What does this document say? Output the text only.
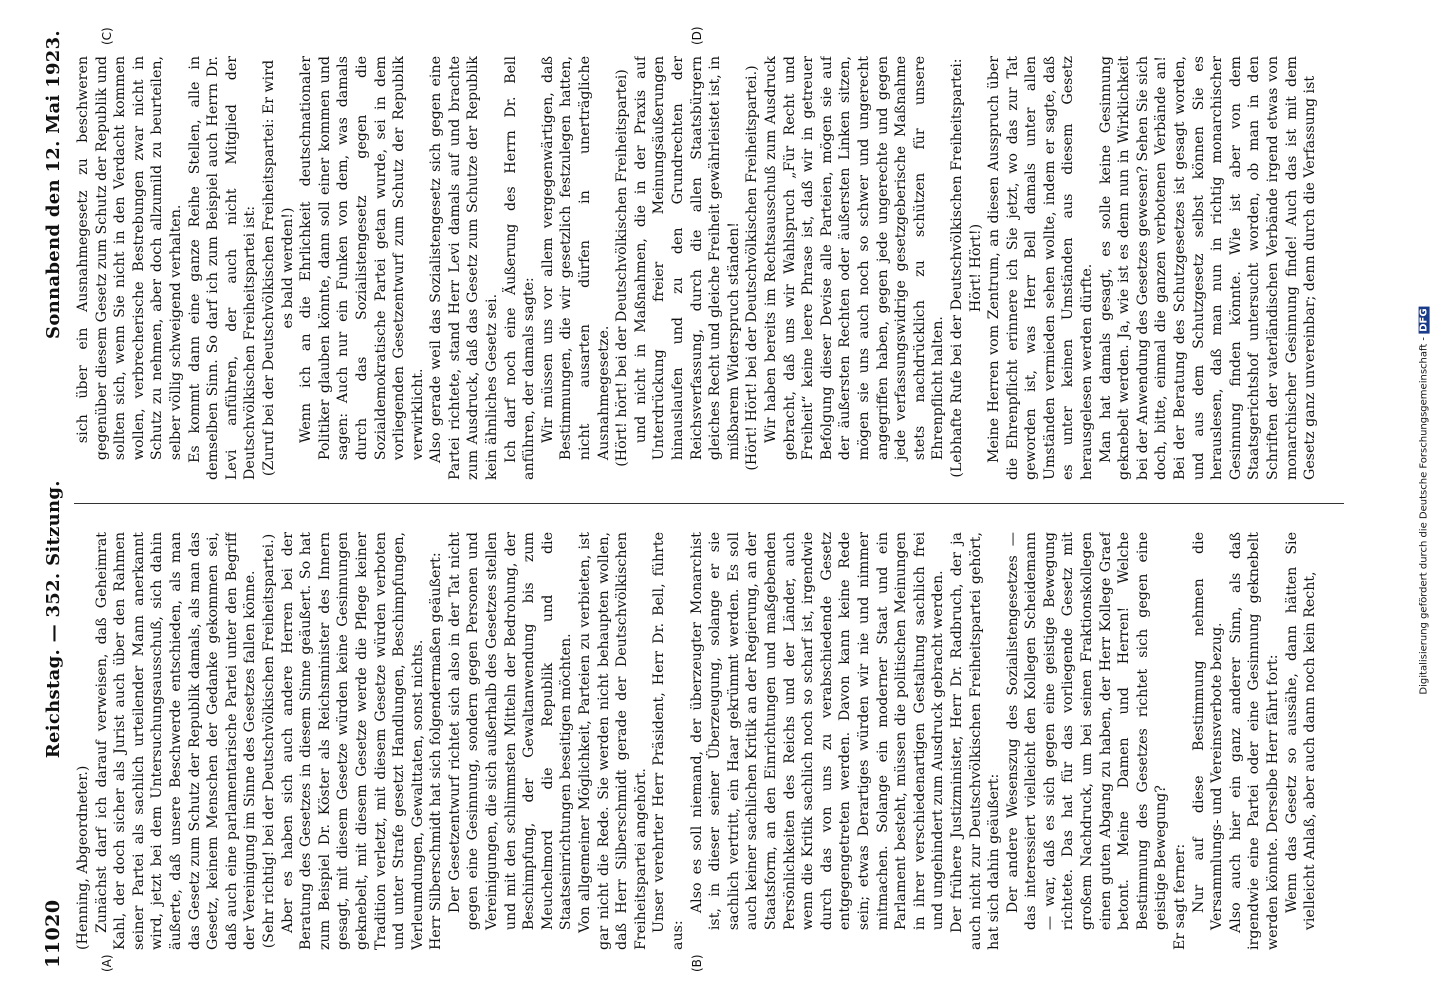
11020
Reichstag. — 352. Sitzung.
Sonnabend den 12. Mai 1923.
(A)	(B)
(C)	(D)

(Henning, Abgeordneter.) Zunächst darf ich darauf verweisen, daß Geheimrat Kahl, der doch sicher als Jurist auch über den Rahmen seiner Partei als sachlich urteilender Mann anerkannt wird, jetzt bei dem Untersuchungsausschuß, sich dahin äußerte, daß unsere Beschwerde entschieden, als man das Gesetz zum Schutz der Republik damals, als man das Gesetz, keinem Menschen der Gedanke gekommen sei, daß auch eine parlamentarische Partei unter den Begriff der Vereinigung im Sinne des Gesetzes fallen könne. (Sehr richtig! bei der Deutschvölkischen Freiheitspartei.) Aber es haben sich auch andere Herren bei der Beratung des Gesetzes in diesem Sinne geäußert. So hat zum Beispiel Dr. Köster als Reichsminister des Innern gesagt, mit diesem Gesetze würden keine Gesinnungen geknebelt, mit diesem Gesetze werde die Pflege keiner Tradition verletzt, mit diesem Gesetze würden verboten und unter Strafe gesetzt Handlungen, Beschimpfungen, Verleumdungen, Gewalttaten, sonst nichts. Herr Silberschmidt hat sich folgendermaßen geäußert: Der Gesetzentwurf richtet sich also in der Tat nicht gegen eine Gesinnung, sondern gegen Personen und Vereinigungen, die sich außerhalb des Gesetzes stellen und mit den schlimmsten Mitteln der Bedrohung, der Beschimpfung, der Gewaltanwendung bis zum Meuchelmord die Republik und die Staatseinrichtungen beseitigen möchten. Von allgemeiner Möglichkeit, Parteien zu verbieten, ist gar nicht die Rede. Sie werden nicht behaupten wollen, daß Herr Silberschmidt gerade der Deutschvölkischen Freiheitspartei angehört. Unser verehrter Herr Präsident, Herr Dr. Bell, führte aus:

Also es soll niemand, der überzeugter Monarchist ist, in dieser seiner Überzeugung, solange er sie sachlich vertritt, ein Haar gekrümmt werden. Es soll auch keiner sachlichen Kritik an der Regierung, an der Staatsform, an den Einrichtungen und maßgebenden Persönlichkeiten des Reichs und der Länder, auch wenn die Kritik sachlich noch so scharf ist, irgendwie durch das von uns zu verabschiedende Gesetz entgegengetreten werden. Davon kann keine Rede sein; etwas Derartiges würden wir nie und nimmer mitmachen. Solange ein moderner Staat und ein Parlament besteht, müssen die politischen Meinungen in ihrer verschiedenartigen Gestaltung sachlich frei und ungehindert zum Ausdruck gebracht werden. Der frühere Justizminister, Herr Dr. Radbruch, der ja auch nicht zur Deutschvölkischen Freiheitspartei gehört, hat sich dahin geäußert: Der andere Wesenszug des Sozialistengesetzes — das interessiert vielleicht den Kollegen Scheidemann — war, daß es sich gegen eine geistige Bewegung richtete. Das hat für das vorliegende Gesetz mit großem Nachdruck, um bei seinen Fraktionskollegen einen guten Abgang zu haben, der Herr Kollege Graef betont. Meine Damen und Herren! Welche Bestimmung des Gesetzes richtet sich gegen eine geistige Bewegung? Er sagt ferner: Nur auf diese Bestimmung nehmen die Versammlungs- und Vereinsverbote bezug. Also auch hier ein ganz anderer Sinn, als daß irgendwie eine Partei oder eine Gesinnung geknebelt werden könnte. Derselbe Herr fährt fort: Wenn das Gesetz so aussähe, dann hätten Sie vielleicht Anlaß, aber auch dann noch kein Recht,

sich über ein Ausnahmegesetz zu beschweren gegenüber diesem Gesetz zum Schutz der Republik und sollten sich, wenn Sie nicht in den Verdacht kommen wollen, verbrecherische Bestrebungen zwar nicht in Schutz zu nehmen, aber doch allzumild zu beurteilen, selber völlig schweigend verhalten. Es kommt dann eine ganze Reihe Stellen, alle in demselben Sinn. So darf ich zum Beispiel auch Herrn Dr. Levi anführen, der auch nicht Mitglied der Deutschvölkischen Freiheitspartei ist: (Zuruf bei der Deutschvölkischen Freiheitspartei: Er wird es bald werden!) Wenn ich an die Ehrlichkeit deutschnationaler Politiker glauben könnte, dann soll einer kommen und sagen: Auch nur ein Funken von dem, was damals durch das Sozialistengesetz gegen die Sozialdemokratische Partei getan wurde, sei in dem vorliegenden Gesetzentwurf zum Schutz der Republik verwirklicht. Also gerade weil das Sozialistengesetz sich gegen eine Partei richtete, stand Herr Levi damals auf und brachte zum Ausdruck, daß das Gesetz zum Schutze der Republik kein ähnliches Gesetz sei. Ich darf noch eine Äußerung des Herrn Dr. Bell anführen, der damals sagte: Wir müssen uns vor allem vergegenwärtigen, daß Bestimmungen, die wir gesetzlich festzulegen hatten, nicht ausarten dürfen in unerträgliche Ausnahmegesetze. (Hört! hört! bei der Deutschvölkischen Freiheitspartei) und nicht in Maßnahmen, die in der Praxis auf Unterdrückung freier Meinungsäußerungen hinauslaufen und zu den Grundrechten der Reichsverfassung, durch die allen Staatsbürgern gleiches Recht und gleiche Freiheit gewährleistet ist, in mißbarem Widerspruch ständen! (Hört! Hört! bei der Deutschvölkischen Freiheitspartei.) Wir haben bereits im Rechtsausschuß zum Ausdruck gebracht, daß uns wir Wahlspruch „Für Recht und Freiheit“ keine leere Phrase ist, daß wir in getreuer Befolgung dieser Devise alle Parteien, mögen sie auf der äußersten Rechten oder äußersten Linken sitzen, mögen sie uns auch noch so schwer und ungerecht angegriffen haben, gegen jede ungerechte und gegen jede verfassungswidrige gesetzgeberische Maßnahme stets nachdrücklich zu schützen für unsere Ehrenpflicht halten. (Lebhafte Rufe bei der Deutschvölkischen Freiheitspartei: Hört! Hört!) Meine Herren vom Zentrum, an diesen Ausspruch über die Ehrenpflicht erinnere ich Sie jetzt, wo das zur Tat geworden ist, was Herr Bell damals unter allen Umständen vermieden sehen wollte, indem er sagte, daß es unter keinen Umständen aus diesem Gesetz herausgelesen werden dürfte. Man hat damals gesagt, es solle keine Gesinnung geknebelt werden. Ja, wie ist es denn nun in Wirklichkeit bei der Anwendung des Gesetzes gewesen? Sehen Sie sich doch, bitte, einmal die ganzen verbotenen Verbände an! Bei der Beratung des Schutzgesetzes ist gesagt worden, und aus dem Schutzgesetz selbst können Sie es herauslesen, daß man nun in richtig monarchischer Gesinnung finden könnte. Wie ist aber von dem Staatsgerichtshof untersucht worden, ob man in den Schriften der vaterländischen Verbände irgend etwas von monarchischer Gesinnung finde! Auch das ist mit dem Gesetz ganz unvereinbar; denn durch die Verfassung ist

Digitalisierung gefördert durch die Deutsche Forschungsgemeinschaft - DFG
